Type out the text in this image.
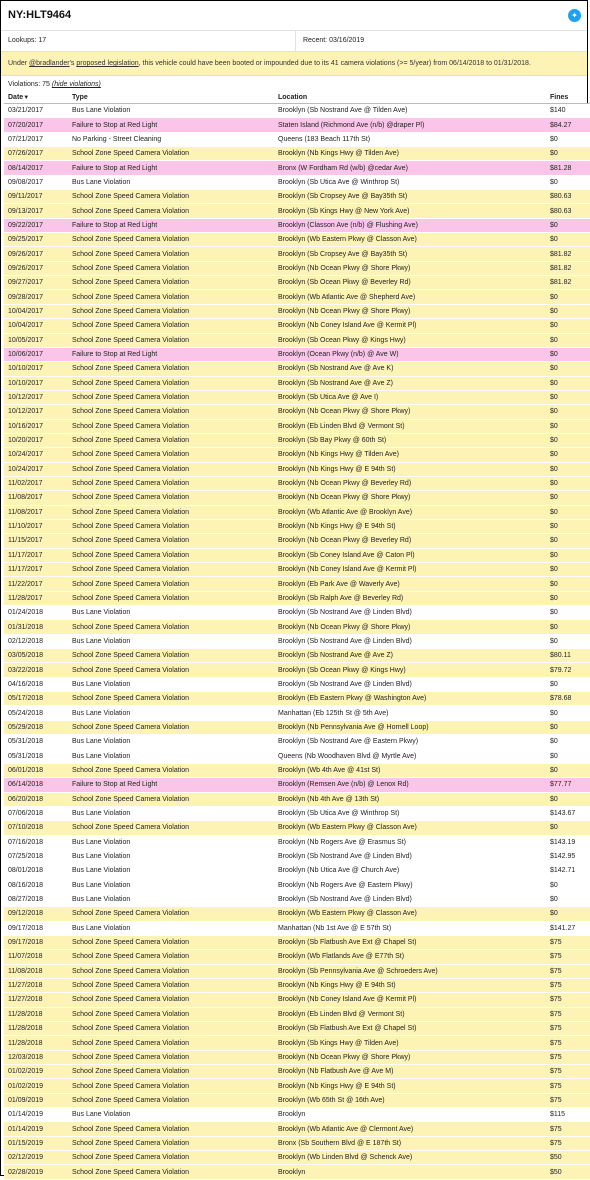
NY:HLT9464	✦
Lookups: 17	Recent: 03/16/2019
Under @bradlander's proposed legislation, this vehicle could have been booted or impounded due to its 41 camera violations (>= 5/year) from 06/14/2018 to 01/31/2018.
Violations: 75 (hide violations)
Date▼	Type	Location	Fines
03/21/2017	Bus Lane Violation	Brooklyn (Sb Nostrand Ave @ Tilden Ave)	$140
07/20/2017	Failure to Stop at Red Light	Staten Island (Richmond Ave (n/b) @draper Pl)	$84.27
07/21/2017	No Parking - Street Cleaning	Queens (183 Beach 117th St)	$0
07/26/2017	School Zone Speed Camera Violation	Brooklyn (Nb Kings Hwy @ Tilden Ave)	$0
08/14/2017	Failure to Stop at Red Light	Bronx (W Fordham Rd (w/b) @cedar Ave)	$81.28
09/08/2017	Bus Lane Violation	Brooklyn (Sb Utica Ave @ Winthrop St)	$0
09/11/2017	School Zone Speed Camera Violation	Brooklyn (Sb Cropsey Ave @ Bay35th St)	$80.63
09/13/2017	School Zone Speed Camera Violation	Brooklyn (Sb Kings Hwy @ New York Ave)	$80.63
09/22/2017	Failure to Stop at Red Light	Brooklyn (Classon Ave (n/b) @ Flushing Ave)	$0
09/25/2017	School Zone Speed Camera Violation	Brooklyn (Wb Eastern Pkwy @ Classon Ave)	$0
09/26/2017	School Zone Speed Camera Violation	Brooklyn (Sb Cropsey Ave @ Bay35th St)	$81.82
09/26/2017	School Zone Speed Camera Violation	Brooklyn (Nb Ocean Pkwy @ Shore Pkwy)	$81.82
09/27/2017	School Zone Speed Camera Violation	Brooklyn (Sb Ocean Pkwy @ Beverley Rd)	$81.82
09/28/2017	School Zone Speed Camera Violation	Brooklyn (Wb Atlantic Ave @ Shepherd Ave)	$0
10/04/2017	School Zone Speed Camera Violation	Brooklyn (Nb Ocean Pkwy @ Shore Pkwy)	$0
10/04/2017	School Zone Speed Camera Violation	Brooklyn (Nb Coney Island Ave @ Kermit Pl)	$0
10/05/2017	School Zone Speed Camera Violation	Brooklyn (Sb Ocean Pkwy @ Kings Hwy)	$0
10/06/2017	Failure to Stop at Red Light	Brooklyn (Ocean Pkwy (n/b) @ Ave W)	$0
10/10/2017	School Zone Speed Camera Violation	Brooklyn (Sb Nostrand Ave @ Ave K)	$0
10/10/2017	School Zone Speed Camera Violation	Brooklyn (Sb Nostrand Ave @ Ave Z)	$0
10/12/2017	School Zone Speed Camera Violation	Brooklyn (Sb Utica Ave @ Ave I)	$0
10/12/2017	School Zone Speed Camera Violation	Brooklyn (Nb Ocean Pkwy @ Shore Pkwy)	$0
10/16/2017	School Zone Speed Camera Violation	Brooklyn (Eb Linden Blvd @ Vermont St)	$0
10/20/2017	School Zone Speed Camera Violation	Brooklyn (Sb Bay Pkwy @ 60th St)	$0
10/24/2017	School Zone Speed Camera Violation	Brooklyn (Nb Kings Hwy @ Tilden Ave)	$0
10/24/2017	School Zone Speed Camera Violation	Brooklyn (Nb Kings Hwy @ E 94th St)	$0
11/02/2017	School Zone Speed Camera Violation	Brooklyn (Nb Ocean Pkwy @ Beverley Rd)	$0
11/08/2017	School Zone Speed Camera Violation	Brooklyn (Nb Ocean Pkwy @ Shore Pkwy)	$0
11/08/2017	School Zone Speed Camera Violation	Brooklyn (Wb Atlantic Ave @ Brooklyn Ave)	$0
11/10/2017	School Zone Speed Camera Violation	Brooklyn (Nb Kings Hwy @ E 94th St)	$0
11/15/2017	School Zone Speed Camera Violation	Brooklyn (Nb Ocean Pkwy @ Beverley Rd)	$0
11/17/2017	School Zone Speed Camera Violation	Brooklyn (Sb Coney Island Ave @ Caton Pl)	$0
11/17/2017	School Zone Speed Camera Violation	Brooklyn (Nb Coney Island Ave @ Kermit Pl)	$0
11/22/2017	School Zone Speed Camera Violation	Brooklyn (Eb Park Ave @ Waverly Ave)	$0
11/28/2017	School Zone Speed Camera Violation	Brooklyn (Sb Ralph Ave @ Beverley Rd)	$0
01/24/2018	Bus Lane Violation	Brooklyn (Sb Nostrand Ave @ Linden Blvd)	$0
01/31/2018	School Zone Speed Camera Violation	Brooklyn (Nb Ocean Pkwy @ Shore Pkwy)	$0
02/12/2018	Bus Lane Violation	Brooklyn (Sb Nostrand Ave @ Linden Blvd)	$0
03/05/2018	School Zone Speed Camera Violation	Brooklyn (Sb Nostrand Ave @ Ave Z)	$80.11
03/22/2018	School Zone Speed Camera Violation	Brooklyn (Sb Ocean Pkwy @ Kings Hwy)	$79.72
04/16/2018	Bus Lane Violation	Brooklyn (Sb Nostrand Ave @ Linden Blvd)	$0
05/17/2018	School Zone Speed Camera Violation	Brooklyn (Eb Eastern Pkwy @ Washington Ave)	$78.68
05/24/2018	Bus Lane Violation	Manhattan (Eb 125th St @ 5th Ave)	$0
05/29/2018	School Zone Speed Camera Violation	Brooklyn (Nb Pennsylvania Ave @ Hornell Loop)	$0
05/31/2018	Bus Lane Violation	Brooklyn (Sb Nostrand Ave @ Eastern Pkwy)	$0
05/31/2018	Bus Lane Violation	Queens (Nb Woodhaven Blvd @ Myrtle Ave)	$0
06/01/2018	School Zone Speed Camera Violation	Brooklyn (Wb 4th Ave @ 41st St)	$0
06/14/2018	Failure to Stop at Red Light	Brooklyn (Remsen Ave (n/b) @ Lenox Rd)	$77.77
06/20/2018	School Zone Speed Camera Violation	Brooklyn (Nb 4th Ave @ 13th St)	$0
07/06/2018	Bus Lane Violation	Brooklyn (Sb Utica Ave @ Winthrop St)	$143.67
07/10/2018	School Zone Speed Camera Violation	Brooklyn (Wb Eastern Pkwy @ Classon Ave)	$0
07/16/2018	Bus Lane Violation	Brooklyn (Nb Rogers Ave @ Erasmus St)	$143.19
07/25/2018	Bus Lane Violation	Brooklyn (Sb Nostrand Ave @ Linden Blvd)	$142.95
08/01/2018	Bus Lane Violation	Brooklyn (Nb Utica Ave @ Church Ave)	$142.71
08/16/2018	Bus Lane Violation	Brooklyn (Nb Rogers Ave @ Eastern Pkwy)	$0
08/27/2018	Bus Lane Violation	Brooklyn (Sb Nostrand Ave @ Linden Blvd)	$0
09/12/2018	School Zone Speed Camera Violation	Brooklyn (Wb Eastern Pkwy @ Classon Ave)	$0
09/17/2018	Bus Lane Violation	Manhattan (Nb 1st Ave @ E 57th St)	$141.27
09/17/2018	School Zone Speed Camera Violation	Brooklyn (Sb Flatbush Ave Ext @ Chapel St)	$75
11/07/2018	School Zone Speed Camera Violation	Brooklyn (Wb Flatlands Ave @ E77th St)	$75
11/08/2018	School Zone Speed Camera Violation	Brooklyn (Sb Pennsylvania Ave @ Schroeders Ave)	$75
11/27/2018	School Zone Speed Camera Violation	Brooklyn (Nb Kings Hwy @ E 94th St)	$75
11/27/2018	School Zone Speed Camera Violation	Brooklyn (Nb Coney Island Ave @ Kermit Pl)	$75
11/28/2018	School Zone Speed Camera Violation	Brooklyn (Eb Linden Blvd @ Vermont St)	$75
11/28/2018	School Zone Speed Camera Violation	Brooklyn (Sb Flatbush Ave Ext @ Chapel St)	$75
11/28/2018	School Zone Speed Camera Violation	Brooklyn (Sb Kings Hwy @ Tilden Ave)	$75
12/03/2018	School Zone Speed Camera Violation	Brooklyn (Nb Ocean Pkwy @ Shore Pkwy)	$75
01/02/2019	School Zone Speed Camera Violation	Brooklyn (Nb Flatbush Ave @ Ave M)	$75
01/02/2019	School Zone Speed Camera Violation	Brooklyn (Nb Kings Hwy @ E 94th St)	$75
01/09/2019	School Zone Speed Camera Violation	Brooklyn (Wb 65th St @ 16th Ave)	$75
01/14/2019	Bus Lane Violation	Brooklyn	$115
01/14/2019	School Zone Speed Camera Violation	Brooklyn (Wb Atlantic Ave @ Clermont Ave)	$75
01/15/2019	School Zone Speed Camera Violation	Bronx (Sb Southern Blvd @ E 187th St)	$75
02/12/2019	School Zone Speed Camera Violation	Brooklyn (Wb Linden Blvd @ Schenck Ave)	$50
02/28/2019	School Zone Speed Camera Violation	Brooklyn	$50
